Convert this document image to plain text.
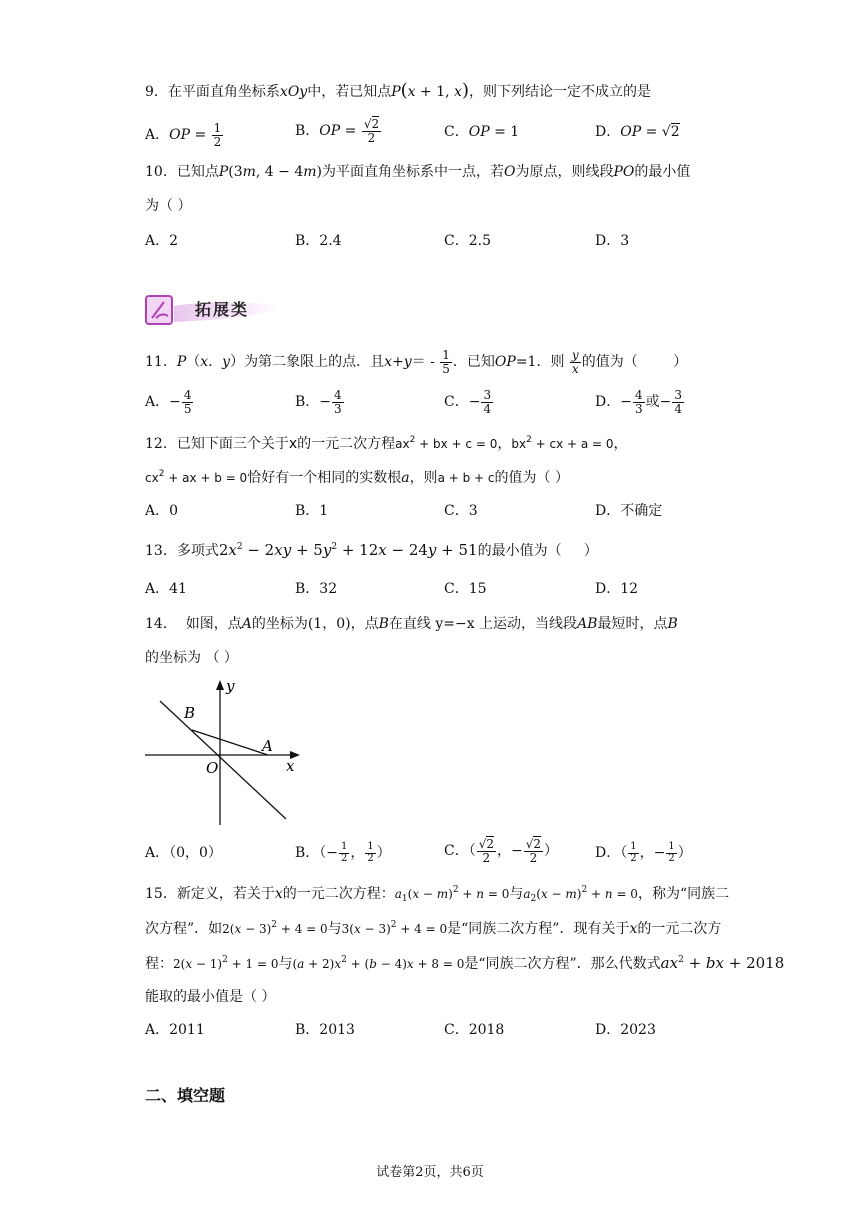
9．在平面直角坐标系xOy中，若已知点P(x + 1, x)，则下列结论一定不成立的是
A．OP = $\frac{1}{2}$	B．OP = $\frac{√2}{2}$	C．OP = 1	D．OP = √2
10．已知点P(3m, 4 − 4m)为平面直角坐标系中一点，若O为原点，则线段PO的最小值
为（ ）
A．2	B．2.4	C．2.5	D．3
拓展类
11．P（x．y）为第二象限上的点．且$x+y= - \frac{1}{5}$ ．已知OP=1．则 $\frac{y}{x}$ 的值为（        ）
A．− $\frac{4}{5}$	B．− $\frac{4}{3}$	C．− $\frac{3}{4}$	D．− $\frac{4}{3}$ 或− $\frac{3}{4}$
12．已知下面三个关于x的一元二次方程$ax^2$ + bx + c = 0，$bx^2$ + cx + a = 0，
$cx^2$ + ax + b = 0恰好有一个相同的实数根a，则a + b + c的值为（ ）
A．0	B．1	C．3	D．不确定
13．多项式$2x^2 - 2xy + 5y^2 + 12x - 24y + 51$的最小值为（     ）
A．41	B．32	C．15	D．12
14．  如图，点A的坐标为(1，0)，点B在直线 y=−x 上运动，当线段AB最短时，点B
的坐标为 （ ）
y
x
B
A
O
A．（0，0）	B．（− $\frac{1}{2}$ ， $\frac{1}{2}$ ）	C．（ $\frac{√2}{2}$ ，− $\frac{√2}{2}$ ）	D．（ $\frac{1}{2}$ ，− $\frac{1}{2}$ ）
15．新定义，若关于x的一元二次方程：$a_1(x - m)^2 + n = 0$与$a_2(x - m)^2 + n = 0$，称为“同族二
次方程”．如$2(x - 3)^2 + 4 = 0$与$3(x - 3)^2 + 4 = 0$是“同族二次方程”．现有关于x的一元二次方
程：$2(x - 1)^2 + 1 = 0$与$(a + 2)x^2 + (b - 4)x + 8 = 0$是“同族二次方程”．那么代数式$ax^2$ + bx + 2018
能取的最小值是（ ）
A．2011	B．2013	C．2018	D．2023
二、填空题
试卷第2页，共6页
